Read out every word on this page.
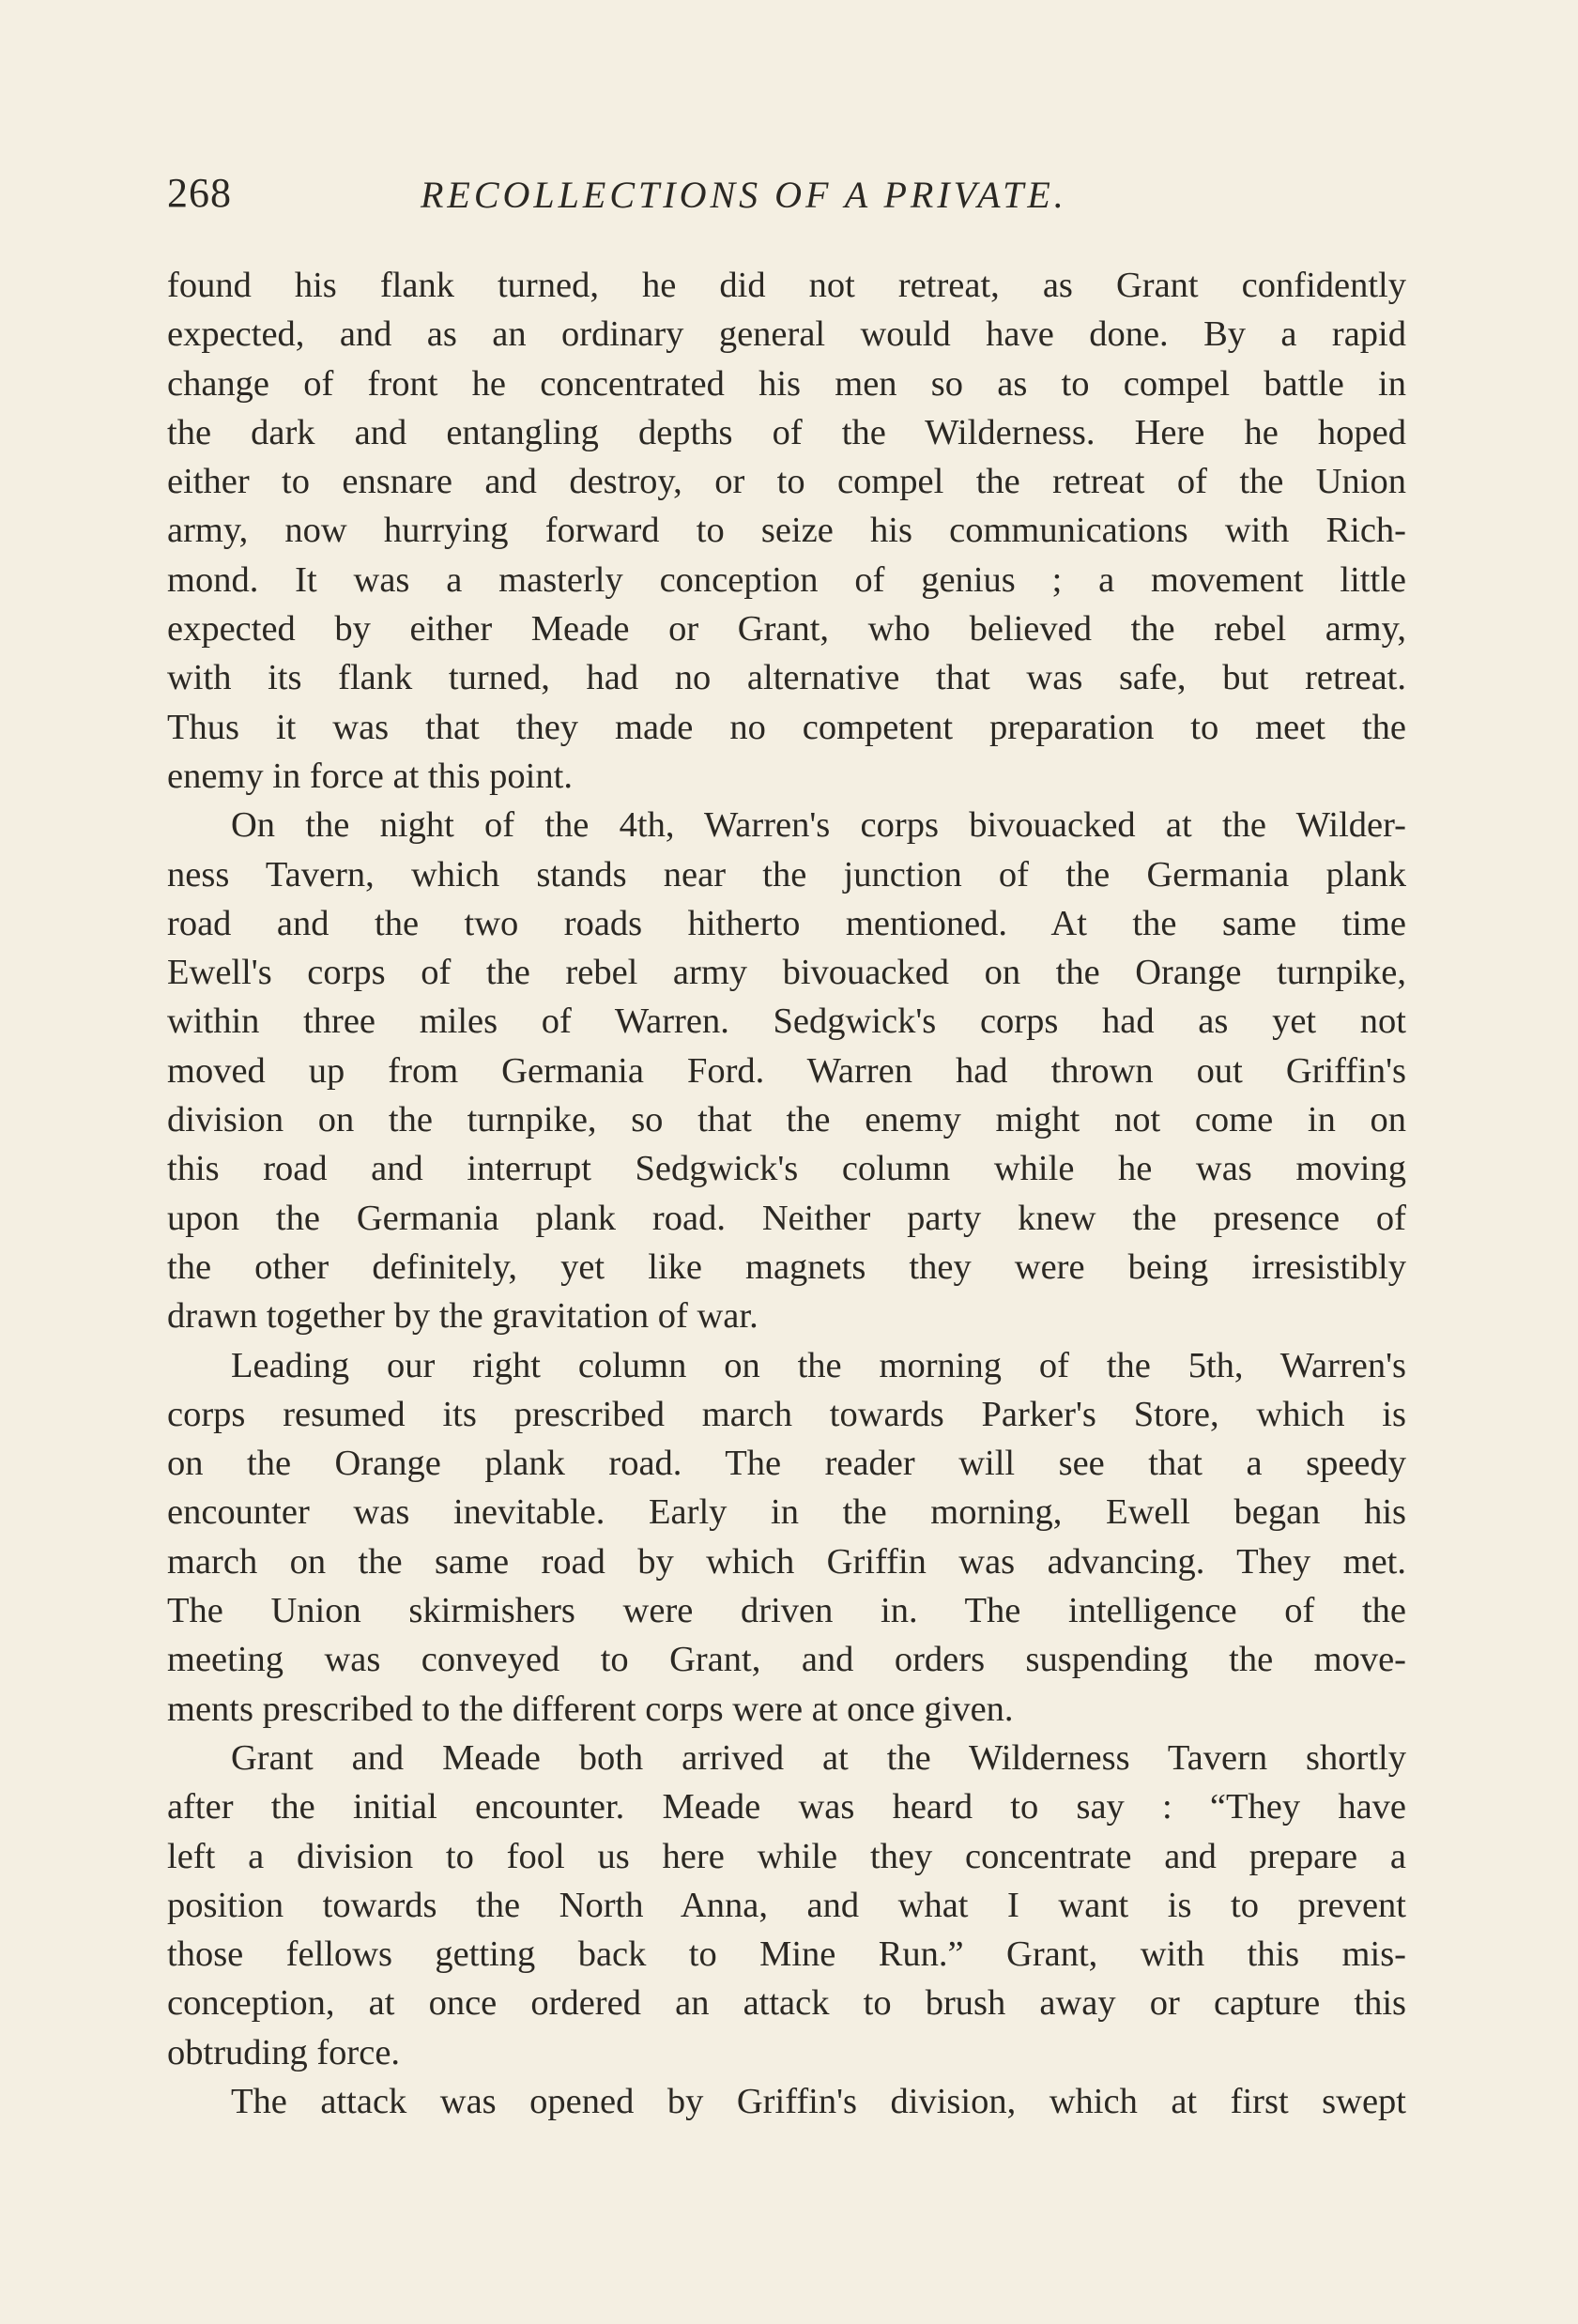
268	RECOLLECTIONS OF A PRIVATE.
found his flank turned, he did not retreat, as Grant confidently
expected, and as an ordinary general would have done. By a rapid
change of front he concentrated his men so as to compel battle in
the dark and entangling depths of the Wilderness. Here he hoped
either to ensnare and destroy, or to compel the retreat of the Union
army, now hurrying forward to seize his communications with Rich-
mond. It was a masterly conception of genius ; a movement little
expected by either Meade or Grant, who believed the rebel army,
with its flank turned, had no alternative that was safe, but retreat.
Thus it was that they made no competent preparation to meet the
enemy in force at this point.
On the night of the 4th, Warren's corps bivouacked at the Wilder-
ness Tavern, which stands near the junction of the Germania plank
road and the two roads hitherto mentioned. At the same time
Ewell's corps of the rebel army bivouacked on the Orange turnpike,
within three miles of Warren. Sedgwick's corps had as yet not
moved up from Germania Ford. Warren had thrown out Griffin's
division on the turnpike, so that the enemy might not come in on
this road and interrupt Sedgwick's column while he was moving
upon the Germania plank road. Neither party knew the presence of
the other definitely, yet like magnets they were being irresistibly
drawn together by the gravitation of war.
Leading our right column on the morning of the 5th, Warren's
corps resumed its prescribed march towards Parker's Store, which is
on the Orange plank road. The reader will see that a speedy
encounter was inevitable. Early in the morning, Ewell began his
march on the same road by which Griffin was advancing. They met.
The Union skirmishers were driven in. The intelligence of the
meeting was conveyed to Grant, and orders suspending the move-
ments prescribed to the different corps were at once given.
Grant and Meade both arrived at the Wilderness Tavern shortly
after the initial encounter. Meade was heard to say : “They have
left a division to fool us here while they concentrate and prepare a
position towards the North Anna, and what I want is to prevent
those fellows getting back to Mine Run.” Grant, with this mis-
conception, at once ordered an attack to brush away or capture this
obtruding force.
The attack was opened by Griffin's division, which at first swept
